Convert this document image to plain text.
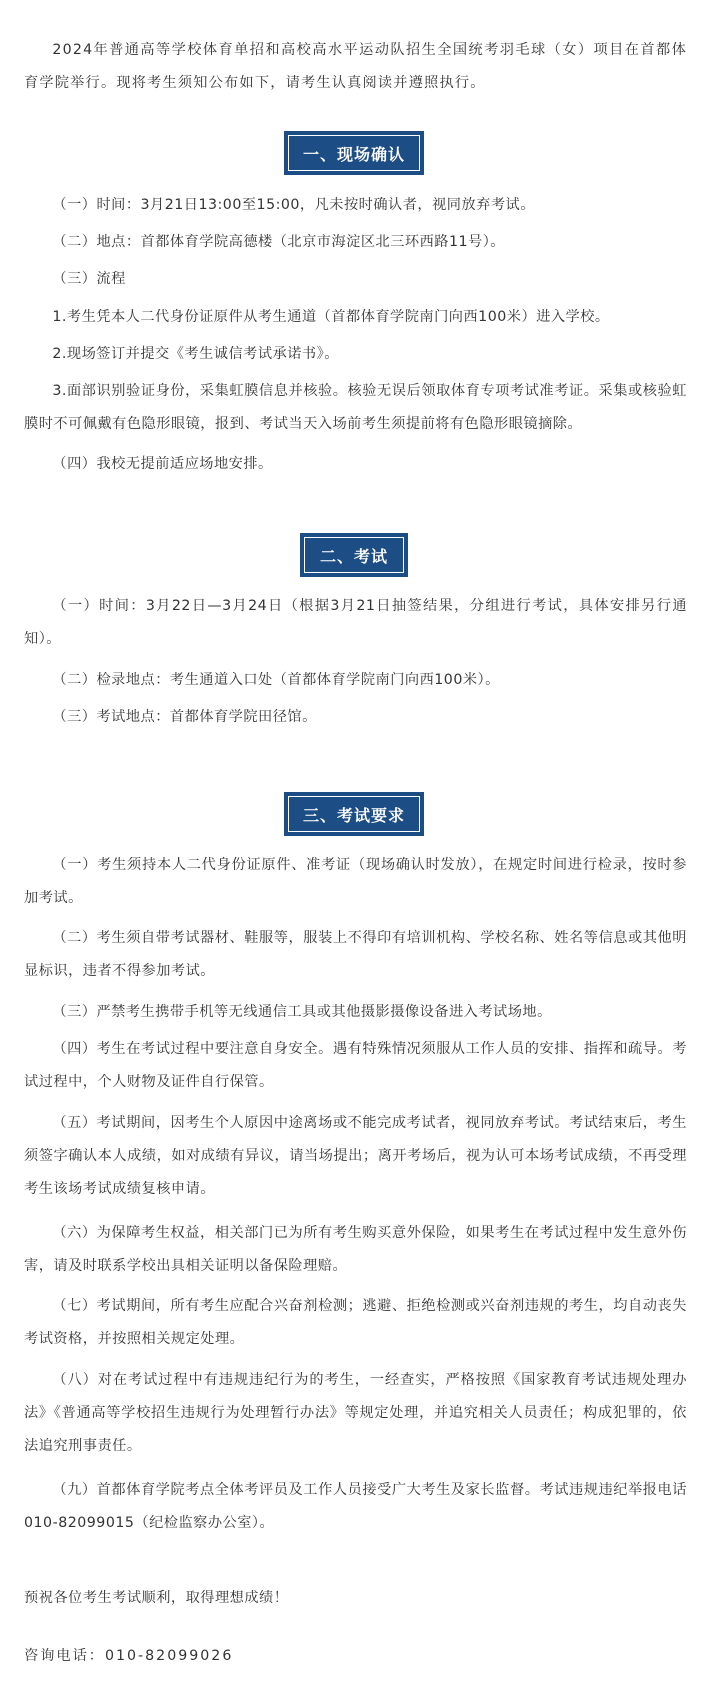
2024年普通高等学校体育单招和高校高水平运动队招生全国统考羽毛球（女）项目在首都体育学院举行。现将考生须知公布如下，请考生认真阅读并遵照执行。

一、现场确认

（一）时间：3月21日13:00至15:00，凡未按时确认者，视同放弃考试。

（二）地点：首都体育学院高德楼（北京市海淀区北三环西路11号）。

（三）流程

1.考生凭本人二代身份证原件从考生通道（首都体育学院南门向西100米）进入学校。

2.现场签订并提交《考生诚信考试承诺书》。

3.面部识别验证身份，采集虹膜信息并核验。核验无误后领取体育专项考试准考证。采集或核验虹膜时不可佩戴有色隐形眼镜，报到、考试当天入场前考生须提前将有色隐形眼镜摘除。

（四）我校无提前适应场地安排。

二、考试

（一）时间：3月22日—3月24日（根据3月21日抽签结果，分组进行考试，具体安排另行通知）。

（二）检录地点：考生通道入口处（首都体育学院南门向西100米）。

（三）考试地点：首都体育学院田径馆。

三、考试要求

（一）考生须持本人二代身份证原件、准考证（现场确认时发放），在规定时间进行检录，按时参加考试。

（二）考生须自带考试器材、鞋服等，服装上不得印有培训机构、学校名称、姓名等信息或其他明显标识，违者不得参加考试。

（三）严禁考生携带手机等无线通信工具或其他摄影摄像设备进入考试场地。

（四）考生在考试过程中要注意自身安全。遇有特殊情况须服从工作人员的安排、指挥和疏导。考试过程中，个人财物及证件自行保管。

（五）考试期间，因考生个人原因中途离场或不能完成考试者，视同放弃考试。考试结束后，考生须签字确认本人成绩，如对成绩有异议，请当场提出；离开考场后，视为认可本场考试成绩，不再受理考生该场考试成绩复核申请。

（六）为保障考生权益，相关部门已为所有考生购买意外保险，如果考生在考试过程中发生意外伤害，请及时联系学校出具相关证明以备保险理赔。

（七）考试期间，所有考生应配合兴奋剂检测；逃避、拒绝检测或兴奋剂违规的考生，均自动丧失考试资格，并按照相关规定处理。

（八）对在考试过程中有违规违纪行为的考生，一经查实，严格按照《国家教育考试违规处理办法》《普通高等学校招生违规行为处理暂行办法》等规定处理，并追究相关人员责任；构成犯罪的，依法追究刑事责任。

（九）首都体育学院考点全体考评员及工作人员接受广大考生及家长监督。考试违规违纪举报电话010-82099015（纪检监察办公室）。

预祝各位考生考试顺利，取得理想成绩！

咨询电话：010-82099026
